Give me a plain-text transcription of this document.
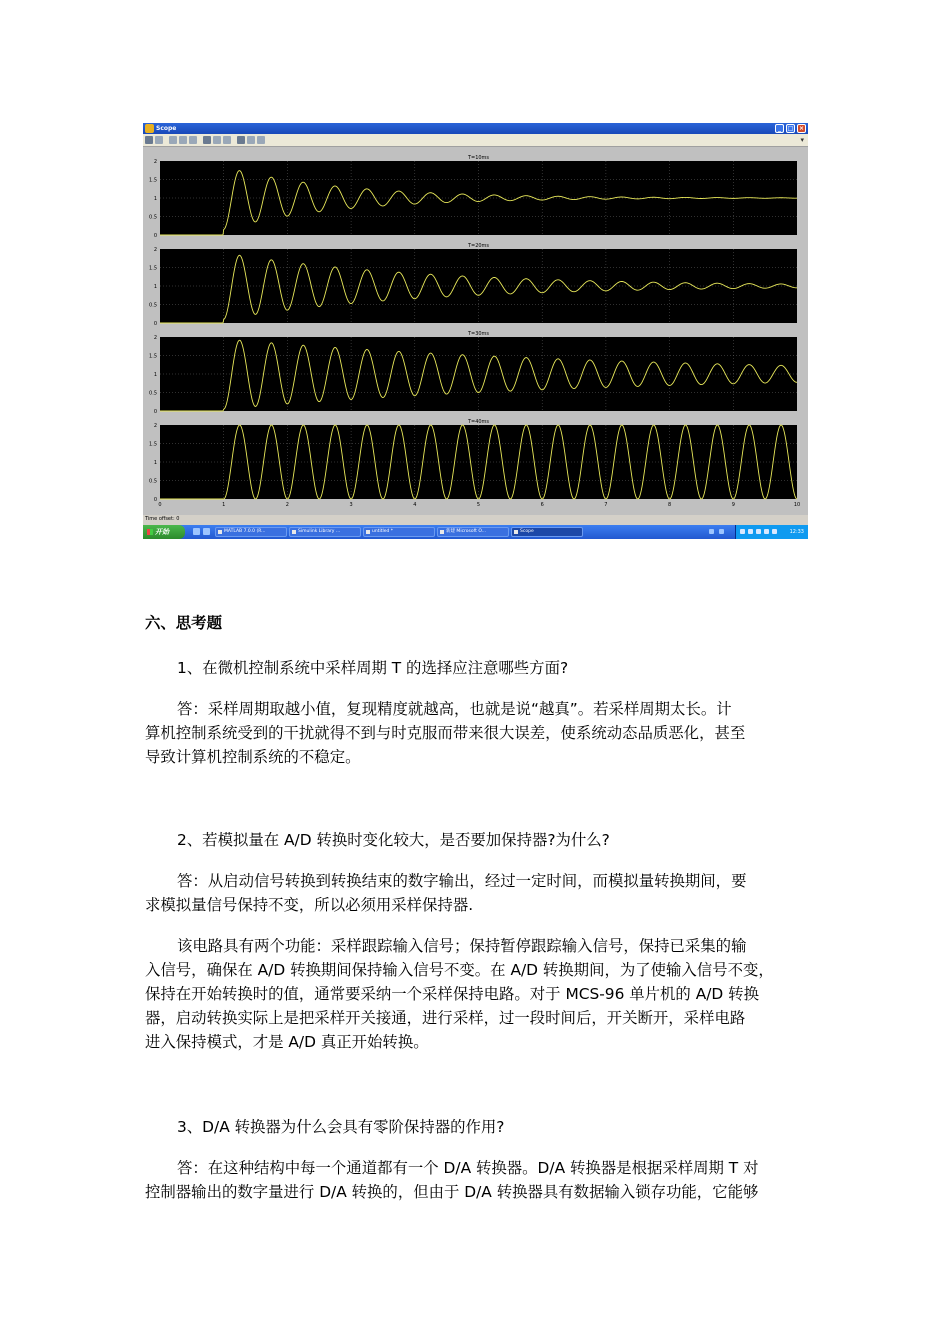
Scope	_	□ ×
▾
T=10ms
2
1.5
1
0.5
0
T=20ms
2
1.5
1
0.5
0
T=30ms
2
1.5
1
0.5
0
T=40ms
2
1.5
1
0.5
0
0	1	2	3	4	5	6	7	8	9	10
Time offset: 0
开始	MATLAB 7.0.0 (R...	Simulink Library ...	untitled *	新建 Microsoft O...	Scope	12:33
六、思考题
1、在微机控制系统中采样周期 T 的选择应注意哪些方面?
答：采样周期取越小值，复现精度就越高，也就是说“越真”。若采样周期太长。计
算机控制系统受到的干扰就得不到与时克服而带来很大误差，使系统动态品质恶化，甚至
导致计算机控制系统的不稳定。
2、若模拟量在 A/D 转换时变化较大，是否要加保持器?为什么?
答：从启动信号转换到转换结束的数字输出，经过一定时间，而模拟量转换期间，要
求模拟量信号保持不变，所以必须用采样保持器.
该电路具有两个功能：采样跟踪输入信号；保持暂停跟踪输入信号，保持已采集的输
入信号，确保在 A/D 转换期间保持输入信号不变。在 A/D 转换期间，为了使输入信号不变，
保持在开始转换时的值，通常要采纳一个采样保持电路。对于 MCS-96 单片机的 A/D 转换
器，启动转换实际上是把采样开关接通，进行采样，过一段时间后，开关断开，采样电路
进入保持模式，才是 A/D 真正开始转换。
3、D/A 转换器为什么会具有零阶保持器的作用?
答：在这种结构中每一个通道都有一个 D/A 转换器。D/A 转换器是根据采样周期 T 对
控制器输出的数字量进行 D/A 转换的，但由于 D/A 转换器具有数据输入锁存功能，它能够
